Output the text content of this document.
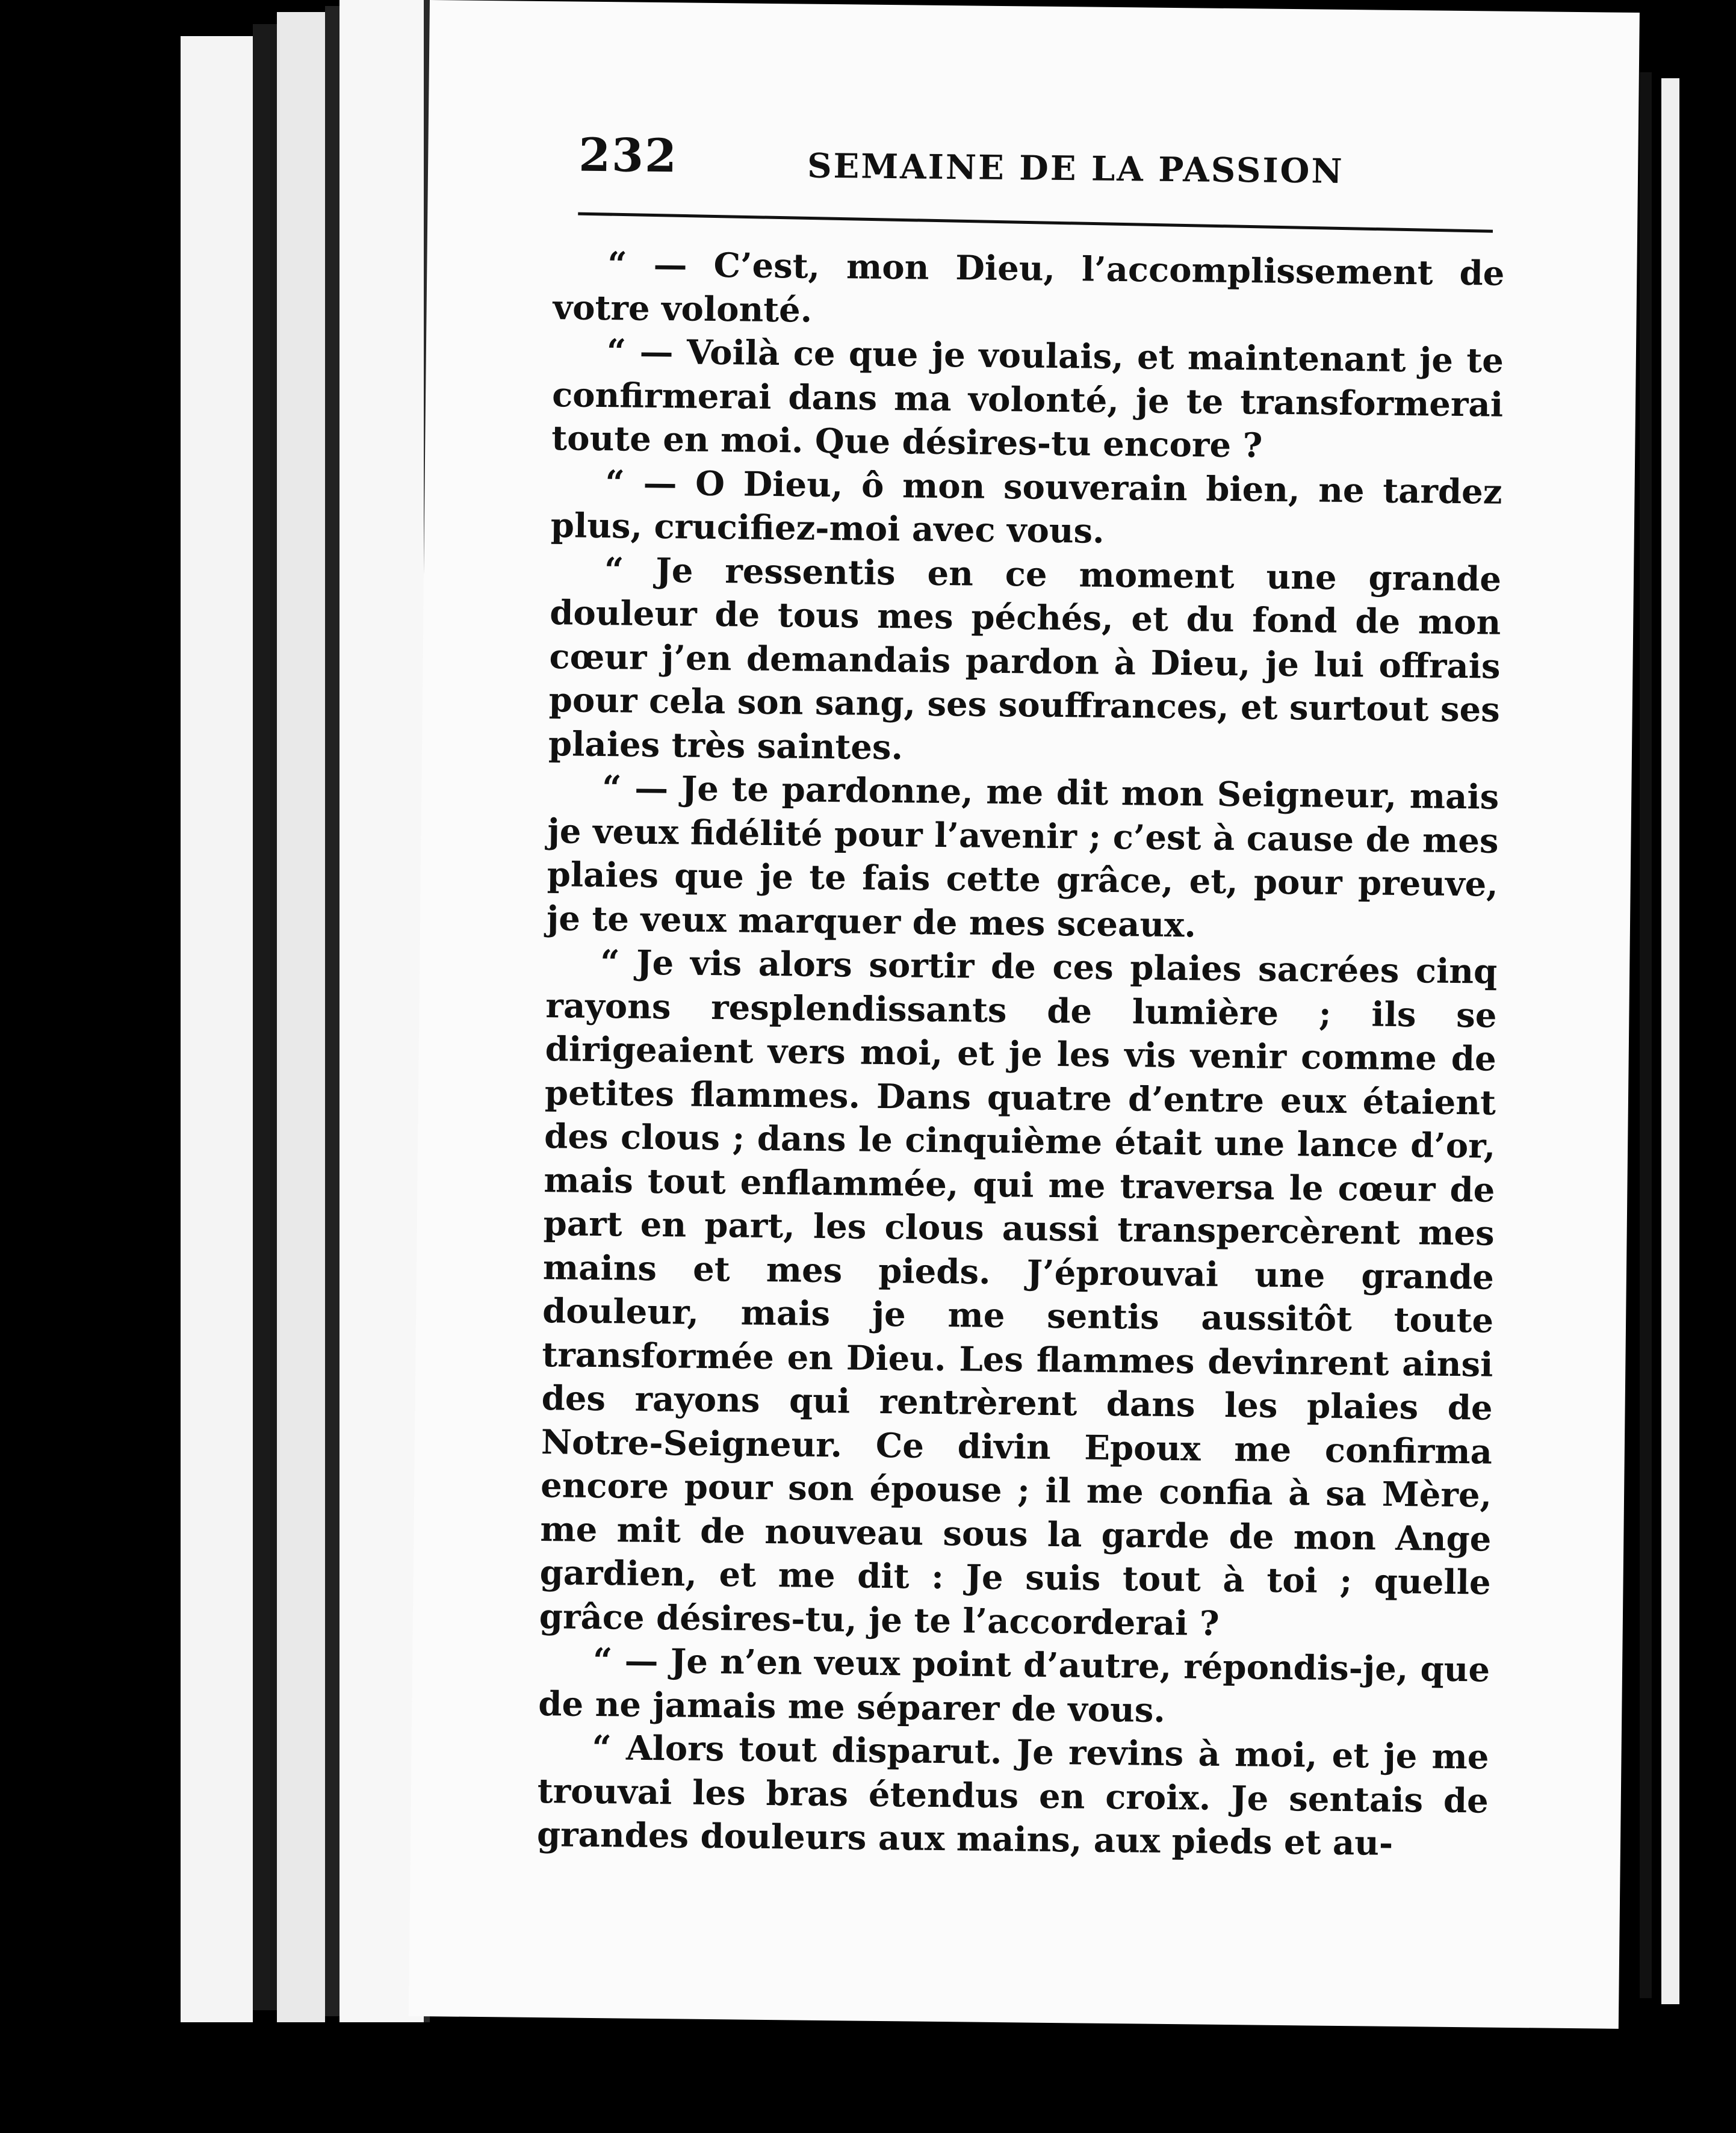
232	SEMAINE DE LA PASSION

“ — C’est, mon Dieu, l’accomplissement de votre volonté.

“ — Voilà ce que je voulais, et maintenant je te confirmerai dans ma volonté, je te transformerai toute en moi. Que désires-tu encore ?

“ — O Dieu, ô mon souverain bien, ne tardez plus, crucifiez-moi avec vous.

“ Je ressentis en ce moment une grande douleur de tous mes péchés, et du fond de mon cœur j’en demandais pardon à Dieu, je lui offrais pour cela son sang, ses souffrances, et surtout ses plaies très saintes.

“ — Je te pardonne, me dit mon Seigneur, mais je veux fidélité pour l’avenir ; c’est à cause de mes plaies que je te fais cette grâce, et, pour preuve, je te veux marquer de mes sceaux.

“ Je vis alors sortir de ces plaies sacrées cinq rayons resplendissants de lumière ; ils se dirigeaient vers moi, et je les vis venir comme de petites flammes. Dans quatre d’entre eux étaient des clous ; dans le cinquième était une lance d’or, mais tout enflammée, qui me traversa le cœur de part en part, les clous aussi transpercèrent mes mains et mes pieds. J’éprouvai une grande douleur, mais je me sentis aussitôt toute transformée en Dieu. Les flammes devinrent ainsi des rayons qui rentrèrent dans les plaies de Notre-Seigneur. Ce divin Epoux me confirma encore pour son épouse ; il me confia à sa Mère, me mit de nouveau sous la garde de mon Ange gardien, et me dit : Je suis tout à toi ; quelle grâce désires-tu, je te l’accorderai ?

“ — Je n’en veux point d’autre, répondis-je, que de ne jamais me séparer de vous.

“ Alors tout disparut. Je revins à moi, et je me trouvai les bras étendus en croix. Je sentais de grandes douleurs aux mains, aux pieds et au-
